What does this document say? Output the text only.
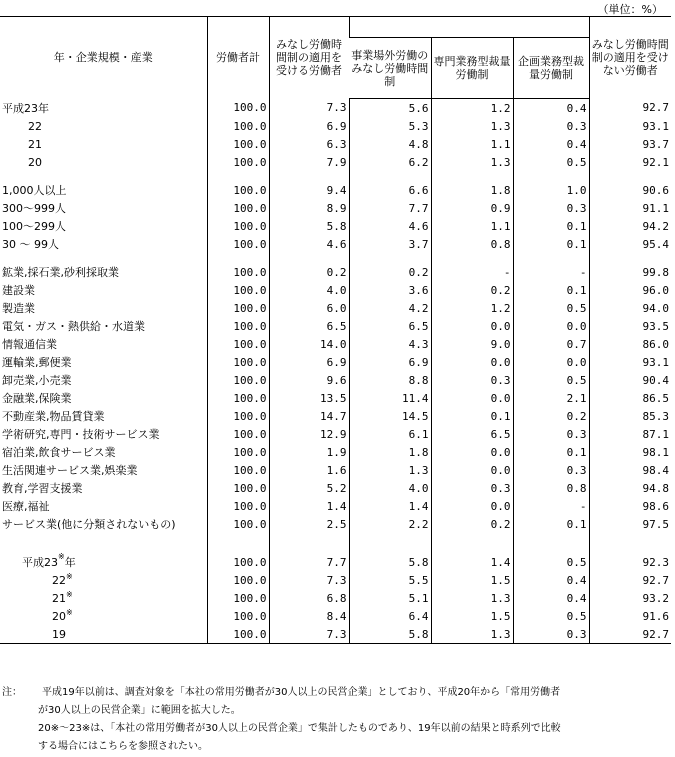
（単位：%）
年・企業規模・産業	労働者計	みなし労働時間制の適用を受ける労働者				みなし労働時間制の適用を受けない労働者
			事業場外労働のみなし労働時間制	専門業務型裁量労働制	企画業務型裁量労働制	
平成23年	100.0	7.3	5.6	1.2	0.4	92.7
22	100.0	6.9	5.3	1.3	0.3	93.1
21	100.0	6.3	4.8	1.1	0.4	93.7
20	100.0	7.9	6.2	1.3	0.5	92.1

1,000人以上	100.0	9.4	6.6	1.8	1.0	90.6
300～999人	100.0	8.9	7.7	0.9	0.3	91.1
100～299人	100.0	5.8	4.6	1.1	0.1	94.2
30 ～ 99人	100.0	4.6	3.7	0.8	0.1	95.4

鉱業,採石業,砂利採取業	100.0	0.2	0.2	-	-	99.8
建設業	100.0	4.0	3.6	0.2	0.1	96.0
製造業	100.0	6.0	4.2	1.2	0.5	94.0
電気・ガス・熱供給・水道業	100.0	6.5	6.5	0.0	0.0	93.5
情報通信業	100.0	14.0	4.3	9.0	0.7	86.0
運輸業,郵便業	100.0	6.9	6.9	0.0	0.0	93.1
卸売業,小売業	100.0	9.6	8.8	0.3	0.5	90.4
金融業,保険業	100.0	13.5	11.4	0.0	2.1	86.5
不動産業,物品賃貸業	100.0	14.7	14.5	0.1	0.2	85.3
学術研究,専門・技術サービス業	100.0	12.9	6.1	6.5	0.3	87.1
宿泊業,飲食サービス業	100.0	1.9	1.8	0.0	0.1	98.1
生活関連サービス業,娯楽業	100.0	1.6	1.3	0.0	0.3	98.4
教育,学習支援業	100.0	5.2	4.0	0.3	0.8	94.8
医療,福祉	100.0	1.4	1.4	0.0	-	98.6
サービス業(他に分類されないもの)	100.0	2.5	2.2	0.2	0.1	97.5

平成23※年	100.0	7.7	5.8	1.4	0.5	92.3
22※	100.0	7.3	5.5	1.5	0.4	92.7
21※	100.0	6.8	5.1	1.3	0.4	93.2
20※	100.0	8.4	6.4	1.5	0.5	91.6
19	100.0	7.3	5.8	1.3	0.3	92.7
注： 平成19年以前は、調査対象を「本社の常用労働者が30人以上の民営企業」としており、平成20年から「常用労働者
が30人以上の民営企業」に範囲を拡大した。
20※～23※は、「本社の常用労働者が30人以上の民営企業」で集計したものであり、19年以前の結果と時系列で比較
する場合にはこちらを参照されたい。
